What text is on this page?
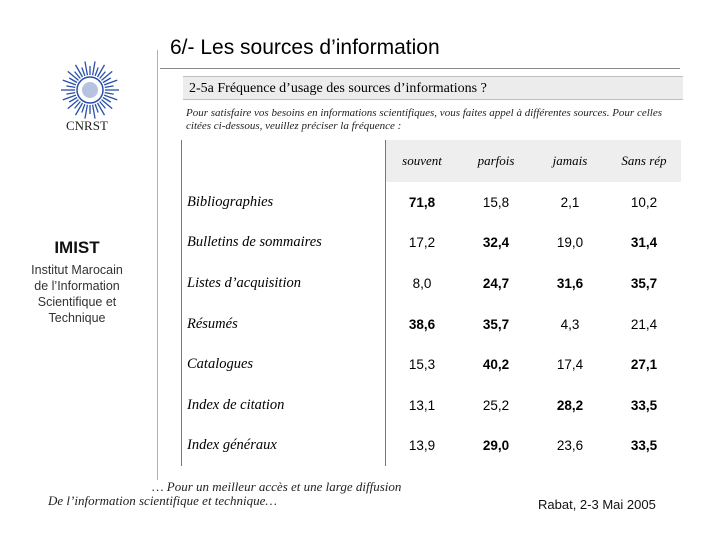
6/- Les sources d’information
CNRST
IMIST
Institut Marocain de l’Information Scientifique et Technique
2-5a Fréquence d’usage des sources d’informations ?
Pour satisfaire vos besoins en informations scientifiques, vous faites appel à différentes sources. Pour celles citées ci-dessous, veuillez préciser la fréquence :
	souvent	parfois	jamais	Sans rép
Bibliographies	71,8	15,8	2,1	10,2
Bulletins de sommaires	17,2	32,4	19,0	31,4
Listes d’acquisition	8,0	24,7	31,6	35,7
Résumés	38,6	35,7	4,3	21,4
Catalogues	15,3	40,2	17,4	27,1
Index de citation	13,1	25,2	28,2	33,5
Index généraux	13,9	29,0	23,6	33,5
… Pour un meilleur accès et une large diffusion
De l’information scientifique et technique…	Rabat, 2-3 Mai 2005
